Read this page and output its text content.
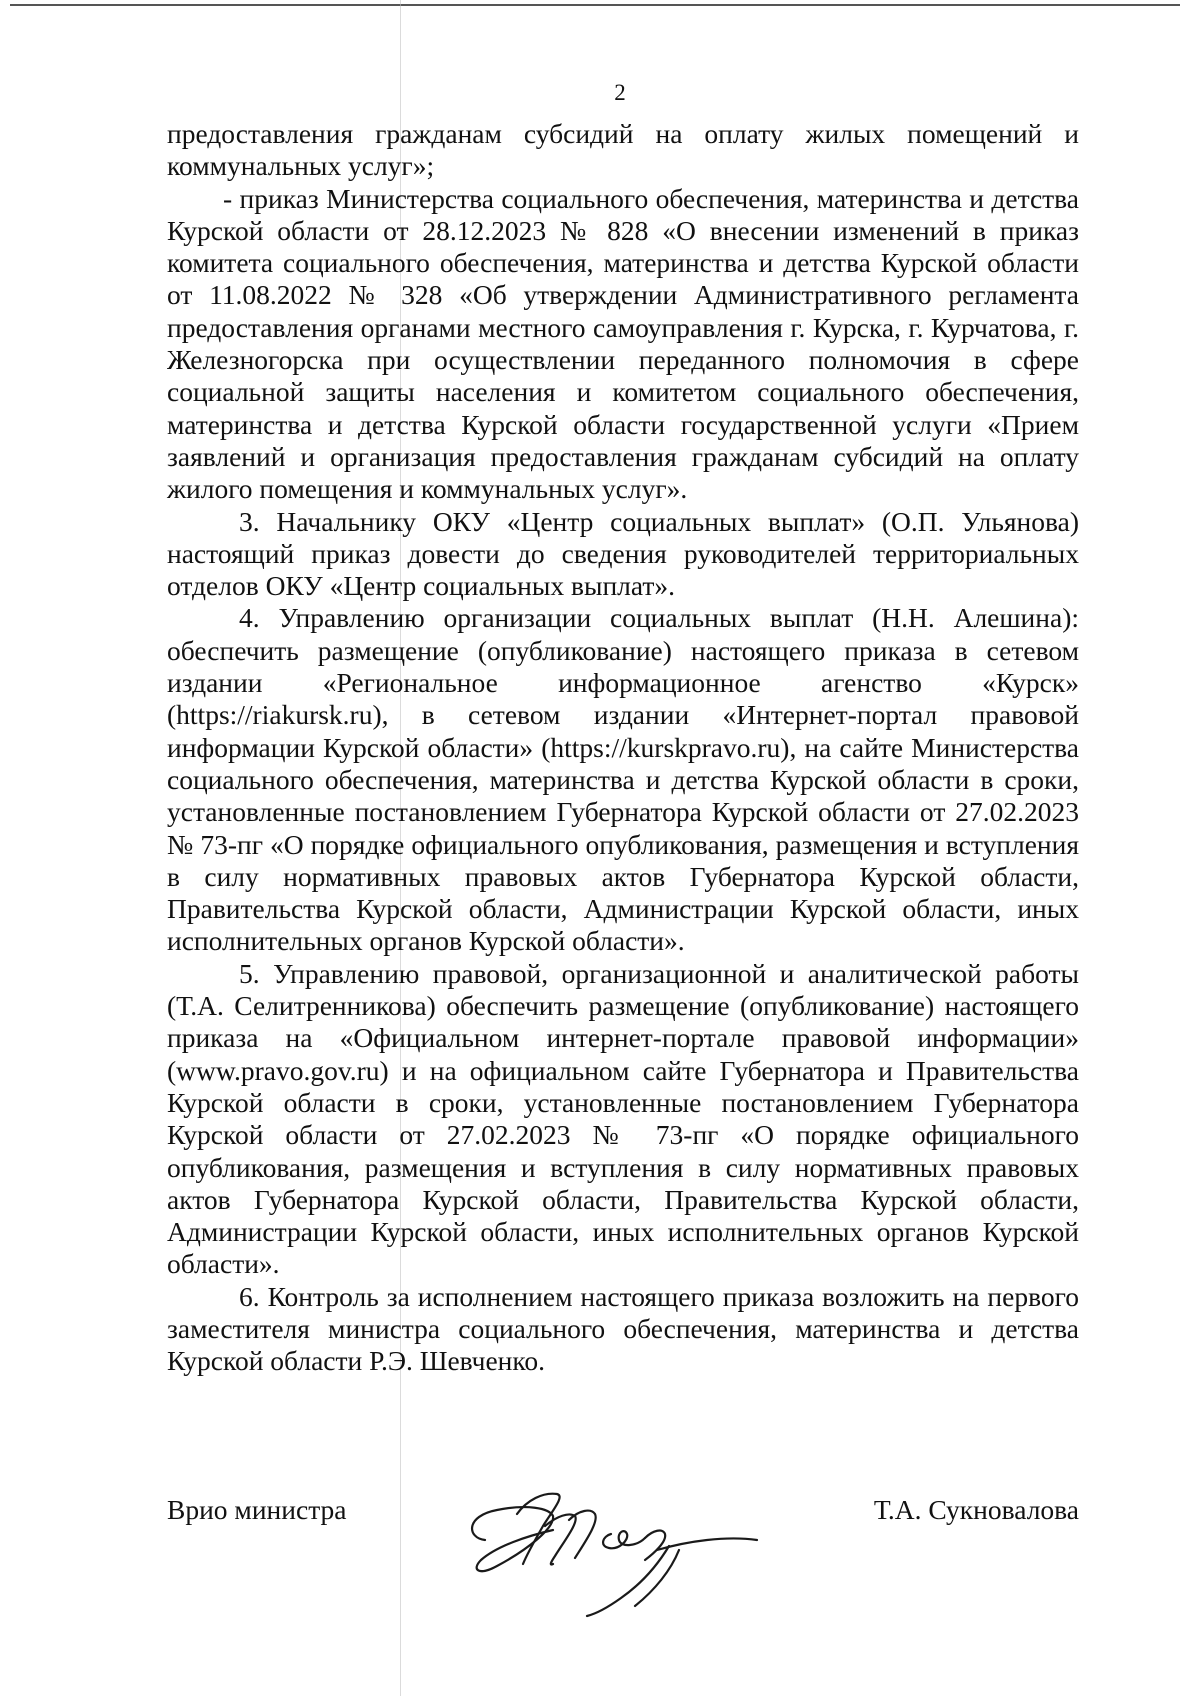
2

предоставления гражданам субсидий на оплату жилых помещений и коммунальных услуг»;

- приказ Министерства социального обеспечения, материнства и детства Курской области от 28.12.2023 № 828 «О внесении изменений в приказ комитета социального обеспечения, материнства и детства Курской области от 11.08.2022 № 328 «Об утверждении Административного регламента предоставления органами местного самоуправления г. Курска, г. Курчатова, г. Железногорска при осуществлении переданного полномочия в сфере социальной защиты населения и комитетом социального обеспечения, материнства и детства Курской области государственной услуги «Прием заявлений и организация предоставления гражданам субсидий на оплату жилого помещения и коммунальных услуг».

3. Начальнику ОКУ «Центр социальных выплат» (О.П. Ульянова) настоящий приказ довести до сведения руководителей территориальных отделов ОКУ «Центр социальных выплат».

4. Управлению организации социальных выплат (Н.Н. Алешина): обеспечить размещение (опубликование) настоящего приказа в сетевом издании «Региональное информационное агенство «Курск» (https://riakursk.ru), в сетевом издании «Интернет-портал правовой информации Курской области» (https://kurskpravo.ru), на сайте Министерства социального обеспечения, материнства и детства Курской области в сроки, установленные постановлением Губернатора Курской области от 27.02.2023 № 73-пг «О порядке официального опубликования, размещения и вступления в силу нормативных правовых актов Губернатора Курской области, Правительства Курской области, Администрации Курской области, иных исполнительных органов Курской области».

5. Управлению правовой, организационной и аналитической работы (Т.А. Селитренникова) обеспечить размещение (опубликование) настоящего приказа на «Официальном интернет-портале правовой информации» (www.pravo.gov.ru) и на официальном сайте Губернатора и Правительства Курской области в сроки, установленные постановлением Губернатора Курской области от 27.02.2023 № 73-пг «О порядке официального опубликования, размещения и вступления в силу нормативных правовых актов Губернатора Курской области, Правительства Курской области, Администрации Курской области, иных исполнительных органов Курской области».

6. Контроль за исполнением настоящего приказа возложить на первого заместителя министра социального обеспечения, материнства и детства Курской области Р.Э. Шевченко.

Врио министра	Т.А. Сукновалова
